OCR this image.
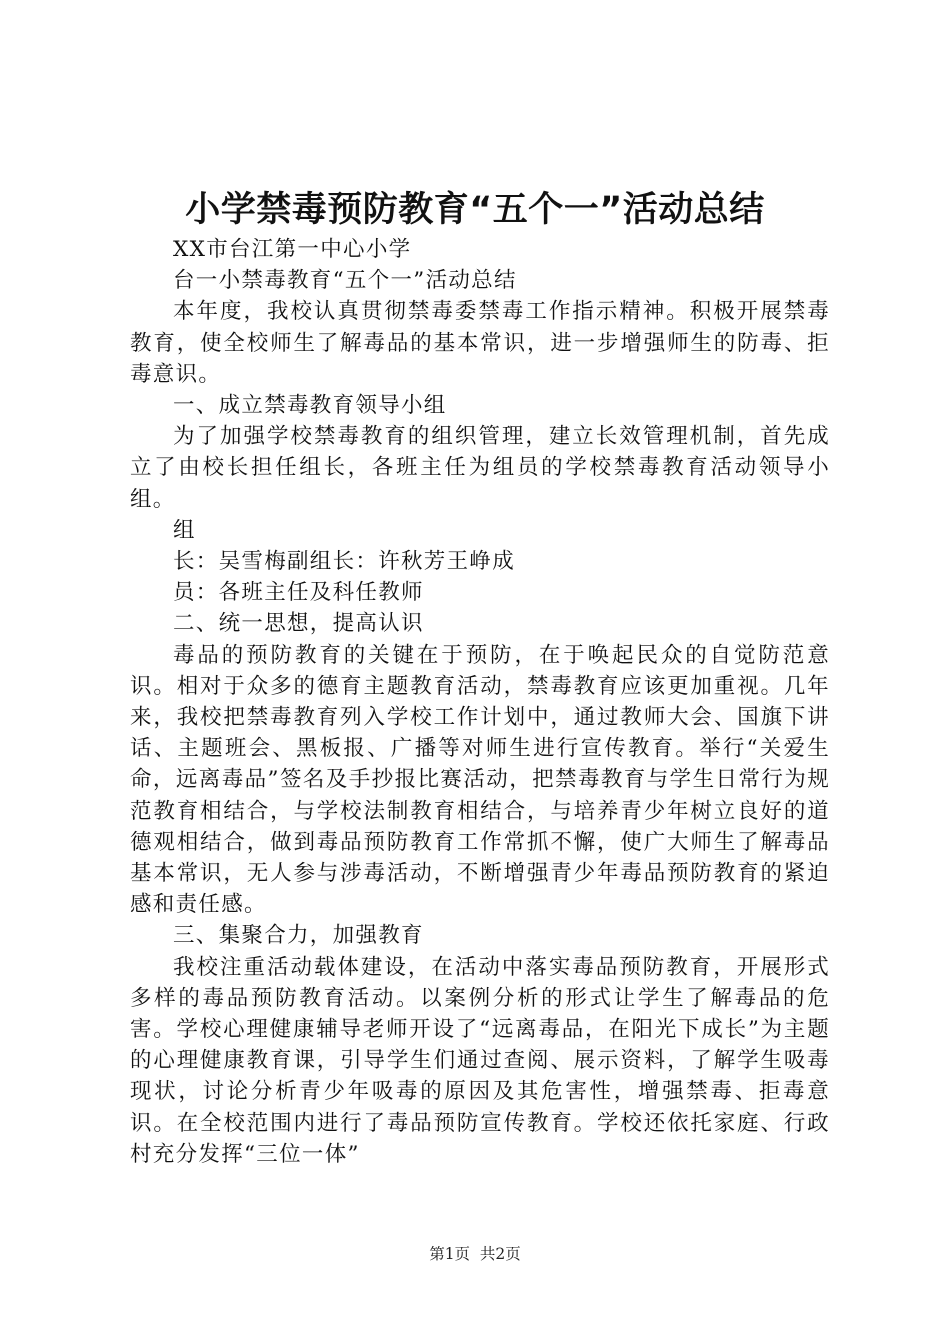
小学禁毒预防教育“五个一”活动总结

XX市台江第一中心小学

台一小禁毒教育“五个一”活动总结

本年度，我校认真贯彻禁毒委禁毒工作指示精神。积极开展禁毒教育，使全校师生了解毒品的基本常识，进一步增强师生的防毒、拒毒意识。

一、成立禁毒教育领导小组

为了加强学校禁毒教育的组织管理，建立长效管理机制，首先成立了由校长担任组长，各班主任为组员的学校禁毒教育活动领导小组。

组

长：吴雪梅副组长：许秋芳王峥成

员：各班主任及科任教师

二、统一思想，提高认识

毒品的预防教育的关键在于预防，在于唤起民众的自觉防范意识。相对于众多的德育主题教育活动，禁毒教育应该更加重视。几年来，我校把禁毒教育列入学校工作计划中，通过教师大会、国旗下讲话、主题班会、黑板报、广播等对师生进行宣传教育。举行“关爱生命，远离毒品”签名及手抄报比赛活动，把禁毒教育与学生日常行为规范教育相结合，与学校法制教育相结合，与培养青少年树立良好的道德观相结合，做到毒品预防教育工作常抓不懈，使广大师生了解毒品基本常识，无人参与涉毒活动，不断增强青少年毒品预防教育的紧迫感和责任感。

三、集聚合力，加强教育

我校注重活动载体建设，在活动中落实毒品预防教育，开展形式多样的毒品预防教育活动。以案例分析的形式让学生了解毒品的危害。学校心理健康辅导老师开设了“远离毒品，在阳光下成长”为主题的心理健康教育课，引导学生们通过查阅、展示资料，了解学生吸毒现状，讨论分析青少年吸毒的原因及其危害性，增强禁毒、拒毒意识。在全校范围内进行了毒品预防宣传教育。学校还依托家庭、行政村充分发挥“三位一体”

第1页 共2页
